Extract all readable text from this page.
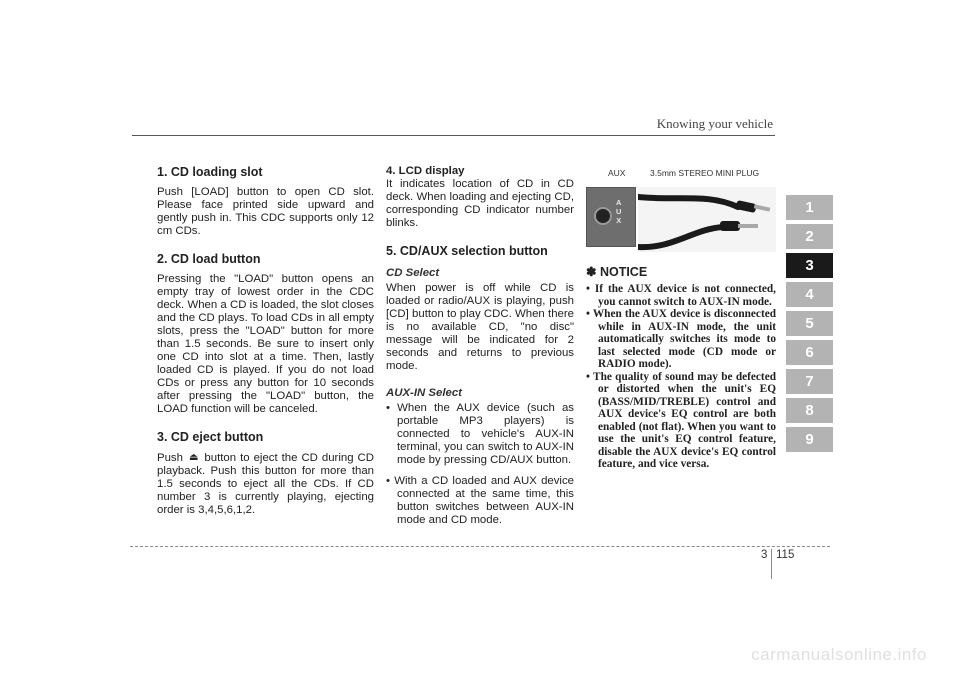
Knowing your vehicle
1. CD loading slot

Push [LOAD] button to open CD slot. Please face printed side upward and gently push in. This CDC supports only 12 cm CDs.

2. CD load button

Pressing the "LOAD" button opens an empty tray of lowest order in the CDC deck. When a CD is loaded, the slot closes and the CD plays. To load CDs in all empty slots, press the "LOAD" button for more than 1.5 seconds. Be sure to insert only one CD into slot at a time. Then, lastly loaded CD is played. If you do not load CDs or press any button for 10 seconds after pressing the "LOAD" button, the LOAD function will be canceled.

3. CD eject button

Push ⏏ button to eject the CD during CD playback. Push this button for more than 1.5 seconds to eject all the CDs. If CD number 3 is currently playing, ejecting order is 3,4,5,6,1,2.

4. LCD display

It indicates location of CD in CD deck. When loading and ejecting CD, corresponding CD indicator number blinks.

5. CD/AUX selection button
CD Select

When power is off while CD is loaded or radio/AUX is playing, push [CD] button to play CDC. When there is no available CD, "no disc" message will be indicated for 2 seconds and returns to previous mode.

AUX-IN Select
• When the AUX device (such as portable MP3 players) is connected to vehicle's AUX-IN terminal, you can switch to AUX-IN mode by pressing CD/AUX button.
• With a CD loaded and AUX device connected at the same time, this button switches between AUX-IN mode and CD mode.
AUX	3.5mm STEREO MINI PLUG
A
U
X
✽ NOTICE
• If the AUX device is not connected, you cannot switch to AUX-IN mode.
• When the AUX device is disconnected while in AUX-IN mode, the unit automatically switches its mode to last selected mode (CD mode or RADIO mode).
• The quality of sound may be defected or distorted when the unit's EQ (BASS/MID/TREBLE) control and AUX device's EQ control are both enabled (not flat). When you want to use the unit's EQ control feature, disable the AUX device's EQ control feature, and vice versa.
1
2
3
4
5
6
7
8
9
3 115
carmanualsonline.info
